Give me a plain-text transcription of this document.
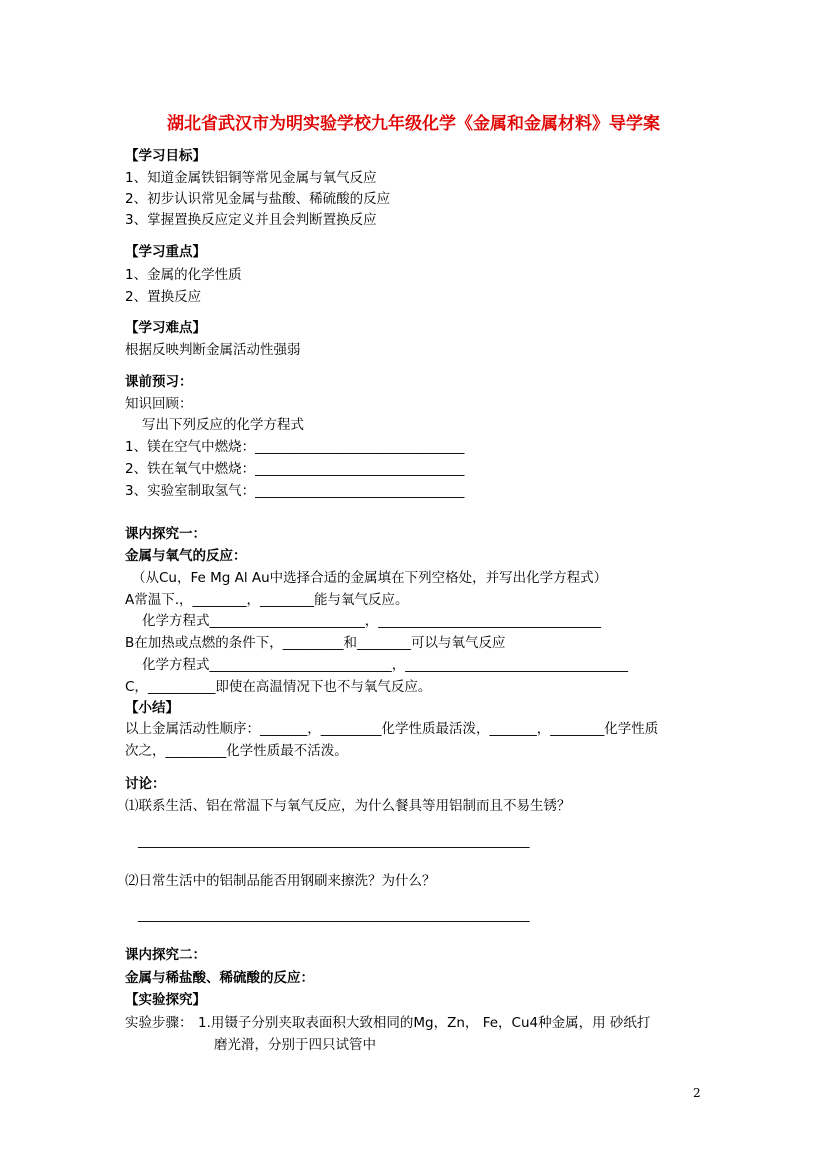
湖北省武汉市为明实验学校九年级化学《金属和金属材料》导学案
【学习目标】
1、知道金属铁铝铜等常见金属与氧气反应
2、初步认识常见金属与盐酸、稀硫酸的反应
3、掌握置换反应定义并且会判断置换反应
【学习重点】
1、金属的化学性质
2、置换反应
【学习难点】
根据反映判断金属活动性强弱
课前预习：
知识回顾：
写出下列反应的化学方程式
1、镁在空气中燃烧：_______________________________
2、铁在氧气中燃烧：_______________________________
3、实验室制取氢气：_______________________________
课内探究一：
金属与氧气的反应：
（从Cu，Fe Mg Al Au中选择合适的金属填在下列空格处，并写出化学方程式）
A常温下.，________，________能与氧气反应。
化学方程式_______________________，_________________________________
B在加热或点燃的条件下，_________和________可以与氧气反应
化学方程式___________________________，_________________________________
C，__________即使在高温情况下也不与氧气反应。
【小结】
以上金属活动性顺序：_______，_________化学性质最活泼，_______，________化学性质
次之，_________化学性质最不活泼。
讨论：
⑴联系生活、铝在常温下与氧气反应，为什么餐具等用铝制而且不易生锈？
__________________________________________________________
⑵日常生活中的铝制品能否用钢刷来擦洗？为什么？
__________________________________________________________
课内探究二：
金属与稀盐酸、稀硫酸的反应：
【实验探究】
实验步骤： 1.用镊子分别夹取表面积大致相同的Mg，Zn， Fe，Cu4种金属，用 砂纸打
磨光滑，分别于四只试管中
2
